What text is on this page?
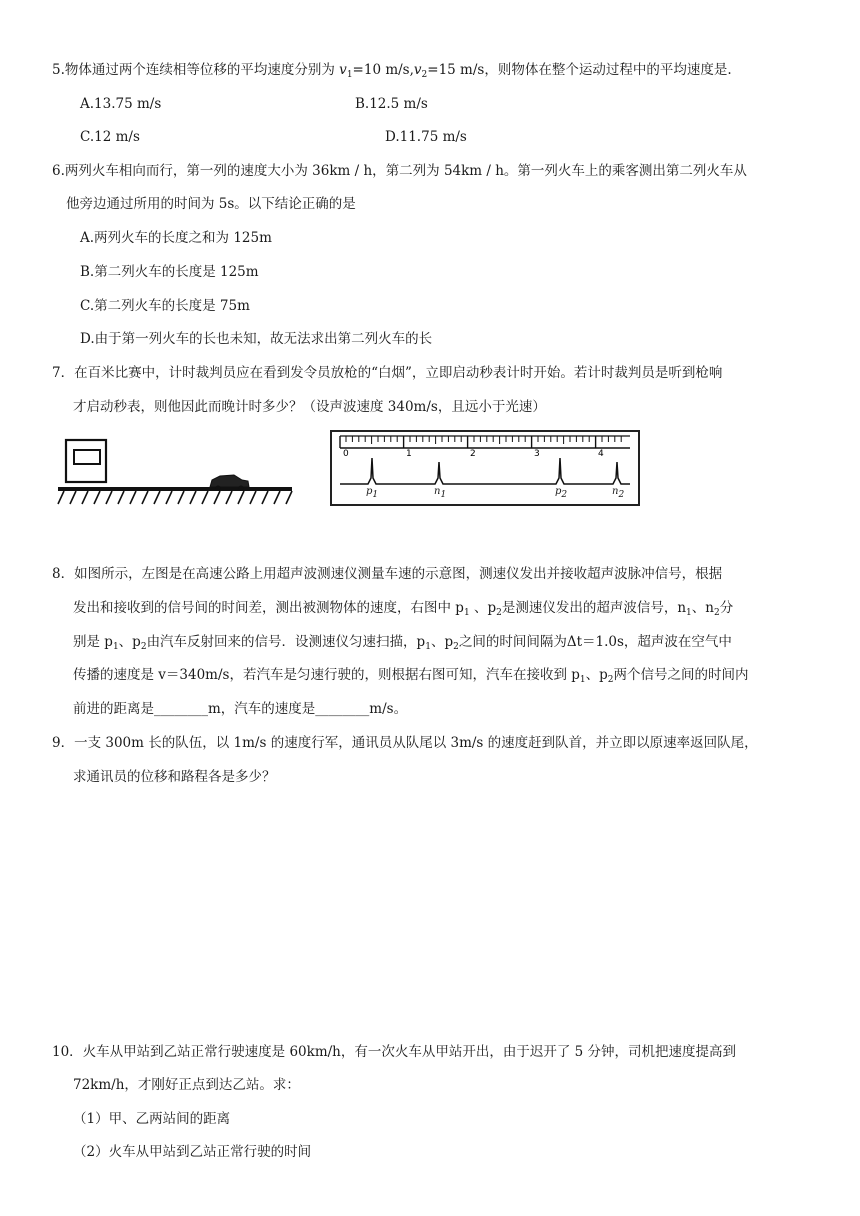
5.物体通过两个连续相等位移的平均速度分别为 $v_1=10$ $m/s,v_2=15$ m/s，则物体在整个运动过程中的平均速度是.
A.13.75 m/s	B.12.5 m/s
C.12 m/s	D.11.75 m/s
6.两列火车相向而行，第一列的速度大小为 36km / h，第二列为 54km / h。第一列火车上的乘客测出第二列火车从
他旁边通过所用的时间为 5s。以下结论正确的是
A.两列火车的长度之和为 125m
B.第二列火车的长度是 125m
C.第二列火车的长度是 75m
D.由于第一列火车的长也未知，故无法求出第二列火车的长
7．在百米比赛中，计时裁判员应在看到发令员放枪的“白烟”，立即启动秒表计时开始。若计时裁判员是听到枪响
才启动秒表，则他因此而晚计时多少？（设声波速度 340m/s，且远小于光速）
0	1	2	3	4
$p_1$	$n_1$	$p_2$	$n_2$
8．如图所示，左图是在高速公路上用超声波测速仪测量车速的示意图，测速仪发出并接收超声波脉冲信号，根据
发出和接收到的信号间的时间差，测出被测物体的速度，右图中 $p_1$ 、$p_2$是测速仪发出的超声波信号，$n_1$、$n_2$分
别是 $p_1$、$p_2$由汽车反射回来的信号．设测速仪匀速扫描，$p_1$、$p_2$之间的时间间隔为Δt＝1.0s，超声波在空气中
传播的速度是 v＝340m/s，若汽车是匀速行驶的，则根据右图可知，汽车在接收到 $p_1$、$p_2$两个信号之间的时间内
前进的距离是________m，汽车的速度是________m/s。
9．一支 300m 长的队伍，以 1m/s 的速度行军，通讯员从队尾以 3m/s 的速度赶到队首，并立即以原速率返回队尾，
求通讯员的位移和路程各是多少？
10．火车从甲站到乙站正常行驶速度是 60km/h，有一次火车从甲站开出，由于迟开了 5 分钟，司机把速度提高到
72km/h，才刚好正点到达乙站。求：
（1）甲、乙两站间的距离
（2）火车从甲站到乙站正常行驶的时间
